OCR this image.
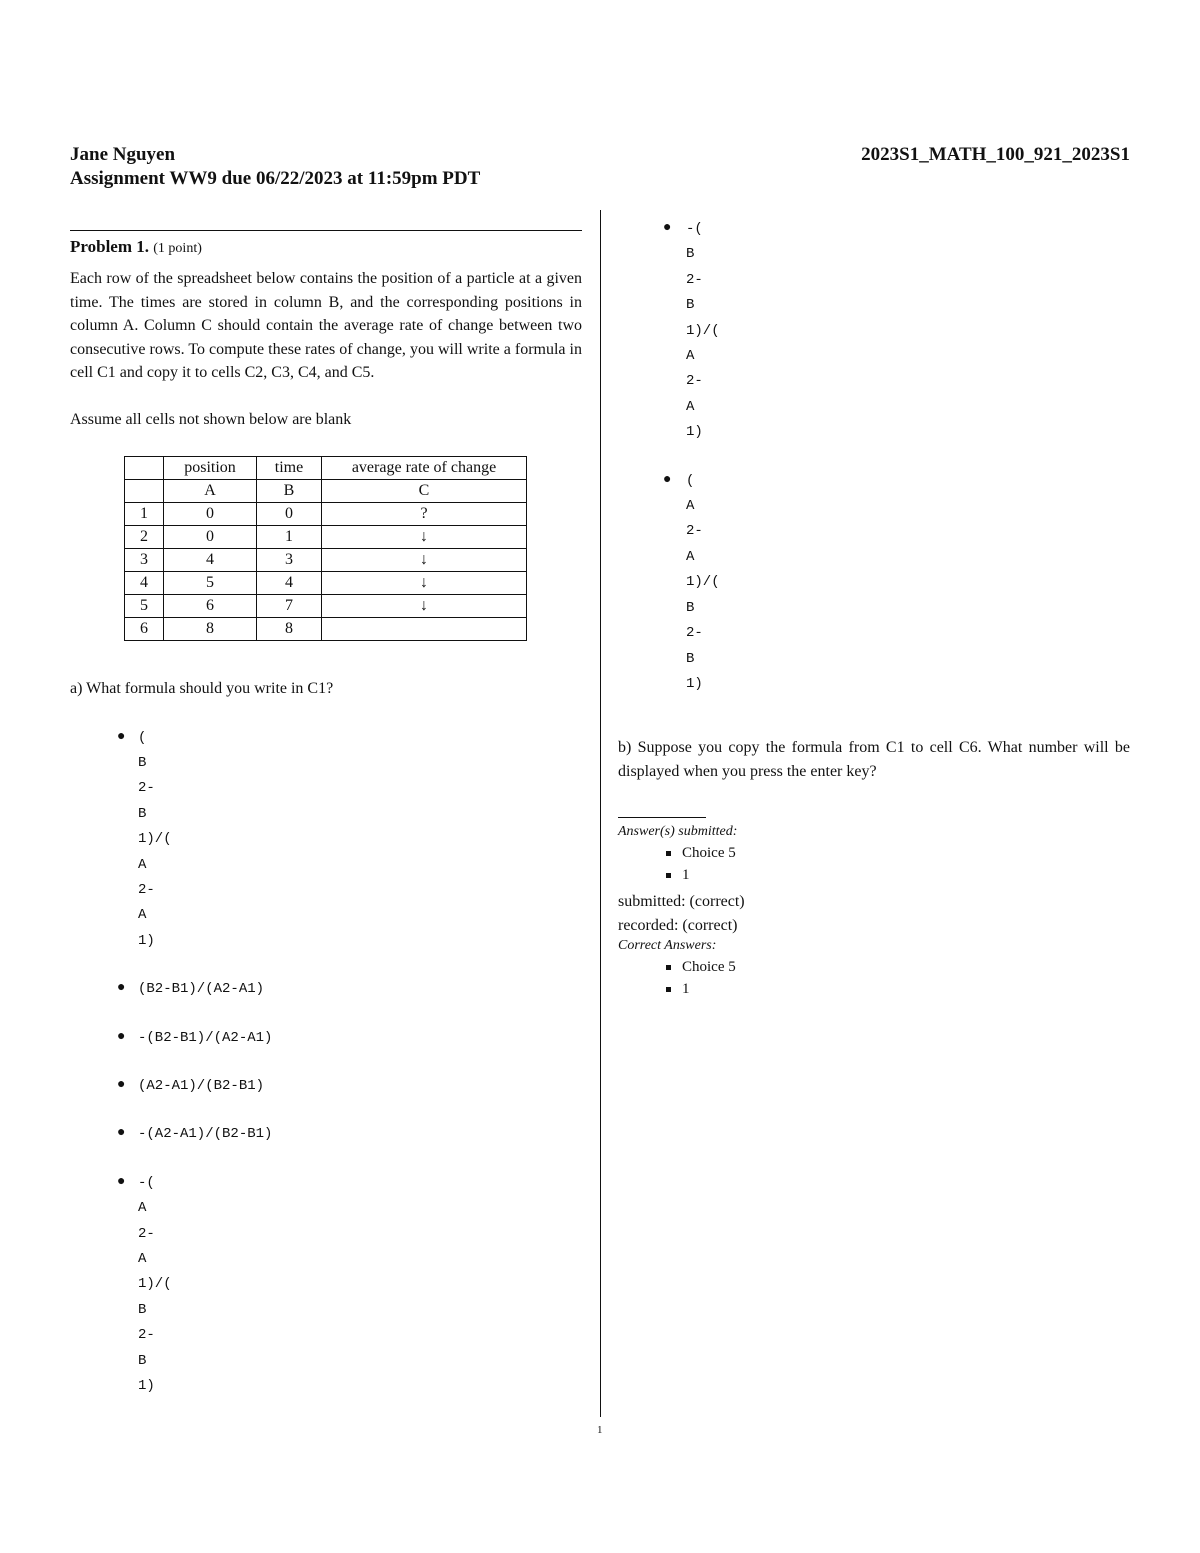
Jane Nguyen
Assignment WW9 due 06/22/2023 at 11:59pm PDT
2023S1_MATH_100_921_2023S1
Problem 1. (1 point)

Each row of the spreadsheet below contains the position of a particle at a given time. The times are stored in column B, and the corresponding positions in column A. Column C should contain the average rate of change between two consecutive rows. To compute these rates of change, you will write a formula in cell C1 and copy it to cells C2, C3, C4, and C5.

Assume all cells not shown below are blank

	position	time	average rate of change
	A	B	C
1	0	0	?
2	0	1	↓
3	4	3	↓
4	5	4	↓
5	6	7	↓
6	8	8	

a) What formula should you write in C1?

● (
B
2-
B
1)/(
A
2-
A
1)
● (B2-B1)/(A2-A1)
● -(B2-B1)/(A2-A1)
● (A2-A1)/(B2-B1)
● -(A2-A1)/(B2-B1)
● -(
A
2-
A
1)/(
B
2-
B
1)
● -(
B
2-
B
1)/(
A
2-
A
1)
● (
A
2-
A
1)/(
B
2-
B
1)

b) Suppose you copy the formula from C1 to cell C6. What number will be displayed when you press the enter key?

Answer(s) submitted:
Choice 5
1
submitted: (correct)
recorded: (correct)
Correct Answers:
Choice 5
1
1
